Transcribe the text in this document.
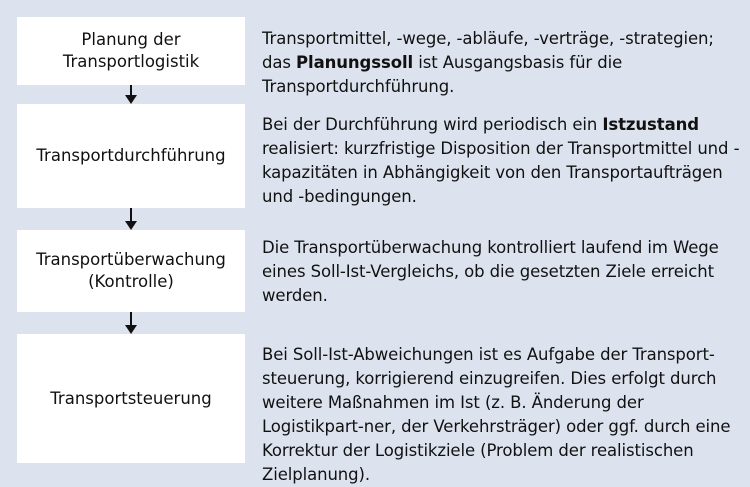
Planung der
Transportlogistik
Transportmittel, -wege, -abläufe, -verträge, -strategien; das Planungssoll ist Ausgangsbasis für die Transportdurchführung.
Transportdurchführung
Bei der Durchführung wird periodisch ein Istzustand realisiert: kurzfristige Disposition der Transportmittel und -kapazitäten in Abhängigkeit von den Transportaufträgen und -bedingungen.
Transportüberwachung
(Kontrolle)
Die Transportüberwachung kontrolliert laufend im Wege eines Soll-Ist-Vergleichs, ob die gesetzten Ziele erreicht werden.
Transportsteuerung
Bei Soll-Ist-Abweichungen ist es Aufgabe der Transport-steuerung, korrigierend einzugreifen. Dies erfolgt durch weitere Maßnahmen im Ist (z. B. Änderung der Logistikpart-ner, der Verkehrsträger) oder ggf. durch eine Korrektur der Logistikziele (Problem der realistischen Zielplanung).
